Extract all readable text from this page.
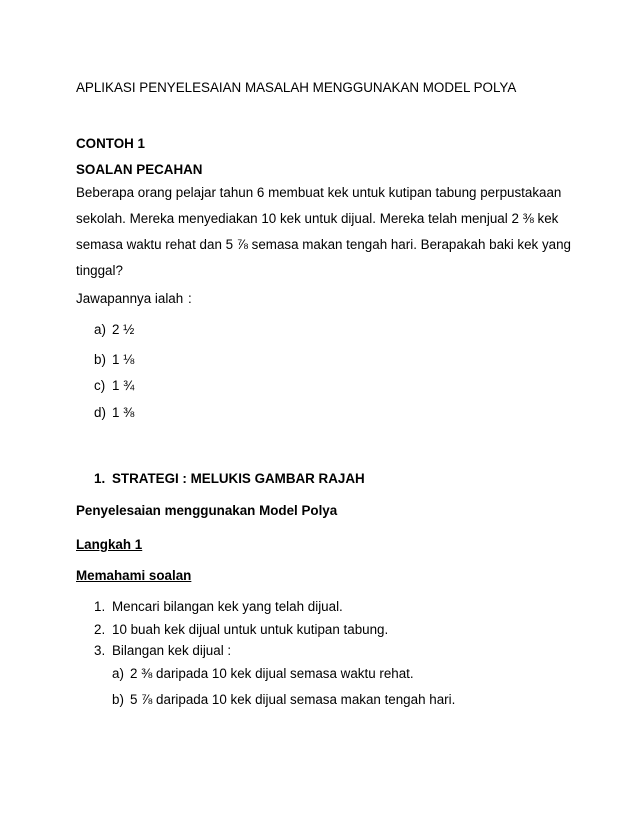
APLIKASI PENYELESAIAN MASALAH MENGGUNAKAN MODEL POLYA
CONTOH 1
SOALAN PECAHAN
Beberapa orang pelajar tahun 6 membuat kek untuk kutipan tabung perpustakaan
sekolah. Mereka menyediakan 10 kek untuk dijual. Mereka telah menjual 2 ⅜ kek
semasa waktu rehat dan 5 ⅞ semasa makan tengah hari. Berapakah baki kek yang
tinggal?
Jawapannya ialah :
a) 2 ½
b) 1 ⅛
c) 1 ¾
d) 1 ⅜
1. STRATEGI : MELUKIS GAMBAR RAJAH
Penyelesaian menggunakan Model Polya
Langkah 1
Memahami soalan
1. Mencari bilangan kek yang telah dijual.
2. 10 buah kek dijual untuk untuk kutipan tabung.
3. Bilangan kek dijual :
a) 2 ⅜ daripada 10 kek dijual semasa waktu rehat.
b) 5 ⅞ daripada 10 kek dijual semasa makan tengah hari.
